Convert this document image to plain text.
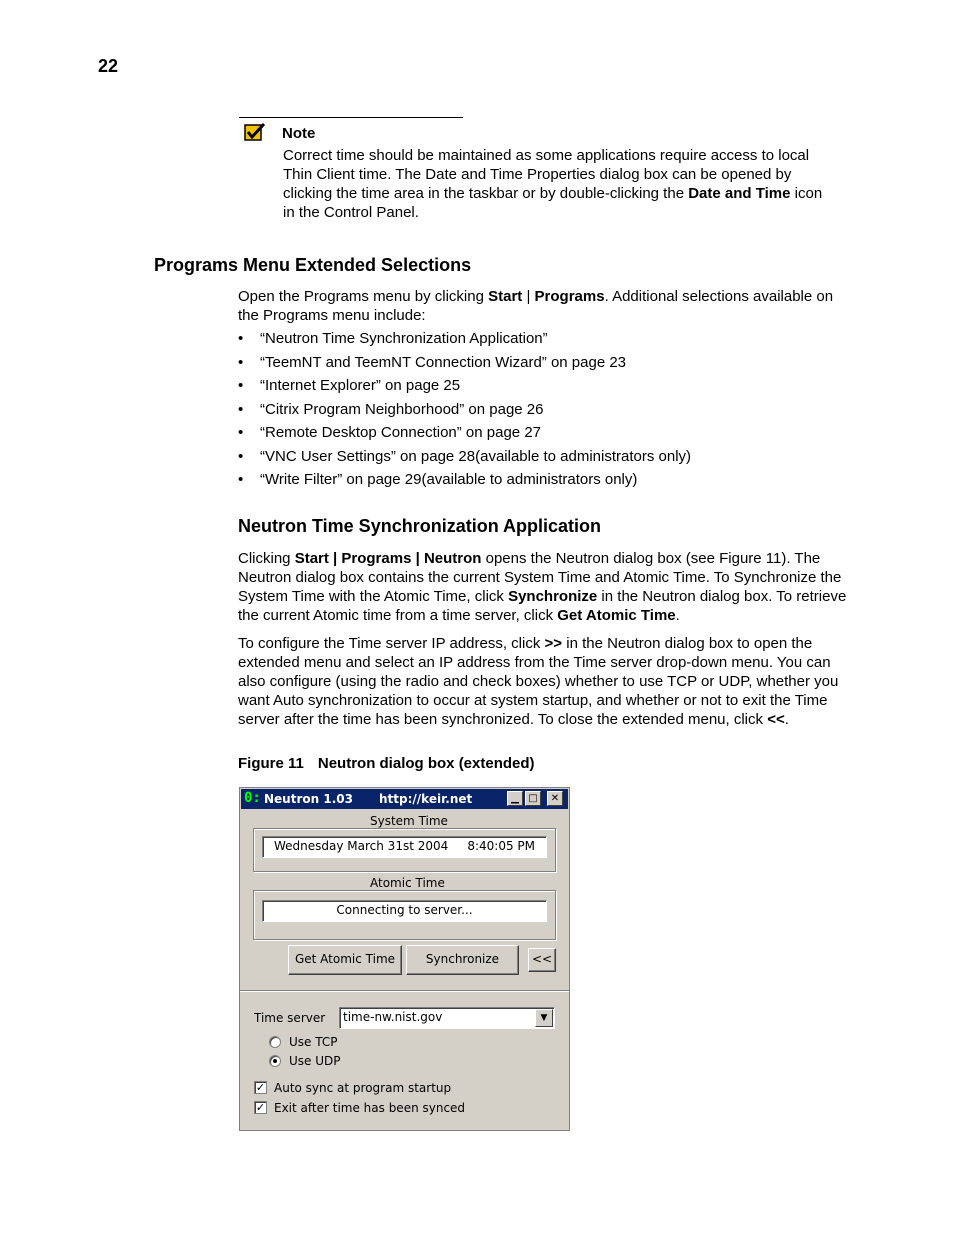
22
Note
Correct time should be maintained as some applications require access to local Thin Client time. The Date and Time Properties dialog box can be opened by clicking the time area in the taskbar or by double-clicking the Date and Time icon in the Control Panel.
Programs Menu Extended Selections
Open the Programs menu by clicking Start | Programs. Additional selections available on the Programs menu include:
• “Neutron Time Synchronization Application”
• “TeemNT and TeemNT Connection Wizard” on page 23
• “Internet Explorer” on page 25
• “Citrix Program Neighborhood” on page 26
• “Remote Desktop Connection” on page 27
• “VNC User Settings” on page 28(available to administrators only)
• “Write Filter” on page 29(available to administrators only)
Neutron Time Synchronization Application
Clicking Start | Programs | Neutron opens the Neutron dialog box (see Figure 11). The Neutron dialog box contains the current System Time and Atomic Time. To Synchronize the System Time with the Atomic Time, click Synchronize in the Neutron dialog box. To retrieve the current Atomic time from a time server, click Get Atomic Time.
To configure the Time server IP address, click >> in the Neutron dialog box to open the extended menu and select an IP address from the Time server drop-down menu. You can also configure (using the radio and check boxes) whether to use TCP or UDP, whether you want Auto synchronization to occur at system startup, and whether or not to exit the Time server after the time has been synchronized. To close the extended menu, click <<.
Figure 11 Neutron dialog box (extended)
0: Neutron 1.03 http://keir.net	▁ □	✕
System Time
Wednesday March 31st 2004     8:40:05 PM
Atomic Time
Connecting to server...
Get Atomic Time	Synchronize	<<
Time server	time-nw.nist.gov	▼
Use TCP
Use UDP
✓ Auto sync at program startup
✓ Exit after time has been synced
